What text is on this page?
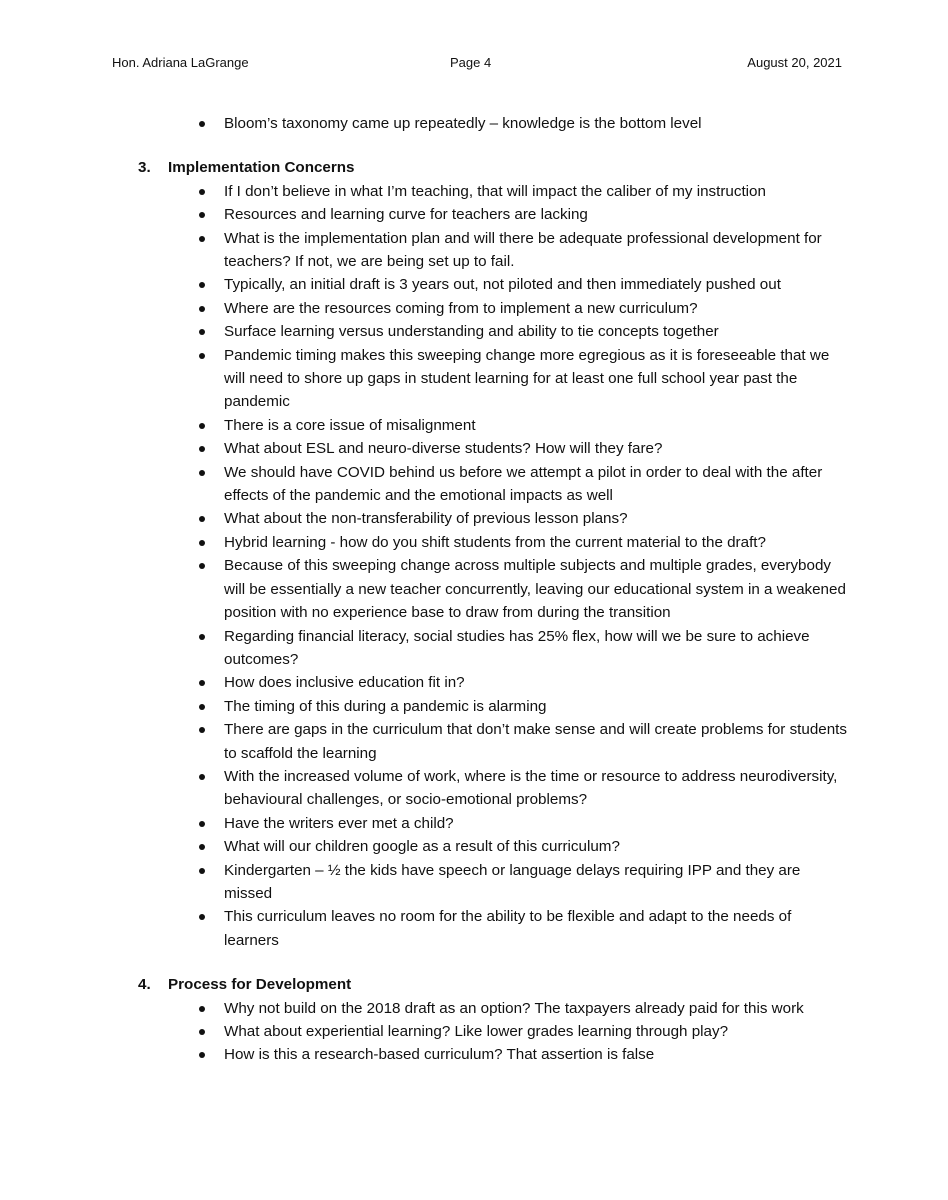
Hon. Adriana LaGrange	Page 4	August 20, 2021
Bloom’s taxonomy came up repeatedly – knowledge is the bottom level
3. Implementation Concerns
If I don’t believe in what I’m teaching, that will impact the caliber of my instruction
Resources and learning curve for teachers are lacking
What is the implementation plan and will there be adequate professional development for teachers? If not, we are being set up to fail.
Typically, an initial draft is 3 years out, not piloted and then immediately pushed out
Where are the resources coming from to implement a new curriculum?
Surface learning versus understanding and ability to tie concepts together
Pandemic timing makes this sweeping change more egregious as it is foreseeable that we will need to shore up gaps in student learning for at least one full school year past the pandemic
There is a core issue of misalignment
What about ESL and neuro-diverse students? How will they fare?
We should have COVID behind us before we attempt a pilot in order to deal with the after effects of the pandemic and the emotional impacts as well
What about the non-transferability of previous lesson plans?
Hybrid learning - how do you shift students from the current material to the draft?
Because of this sweeping change across multiple subjects and multiple grades, everybody will be essentially a new teacher concurrently, leaving our educational system in a weakened position with no experience base to draw from during the transition
Regarding financial literacy, social studies has 25% flex, how will we be sure to achieve outcomes?
How does inclusive education fit in?
The timing of this during a pandemic is alarming
There are gaps in the curriculum that don’t make sense and will create problems for students to scaffold the learning
With the increased volume of work, where is the time or resource to address neurodiversity, behavioural challenges, or socio-emotional problems?
Have the writers ever met a child?
What will our children google as a result of this curriculum?
Kindergarten – ½ the kids have speech or language delays requiring IPP and they are missed
This curriculum leaves no room for the ability to be flexible and adapt to the needs of learners
4. Process for Development
Why not build on the 2018 draft as an option? The taxpayers already paid for this work
What about experiential learning? Like lower grades learning through play?
How is this a research-based curriculum? That assertion is false
